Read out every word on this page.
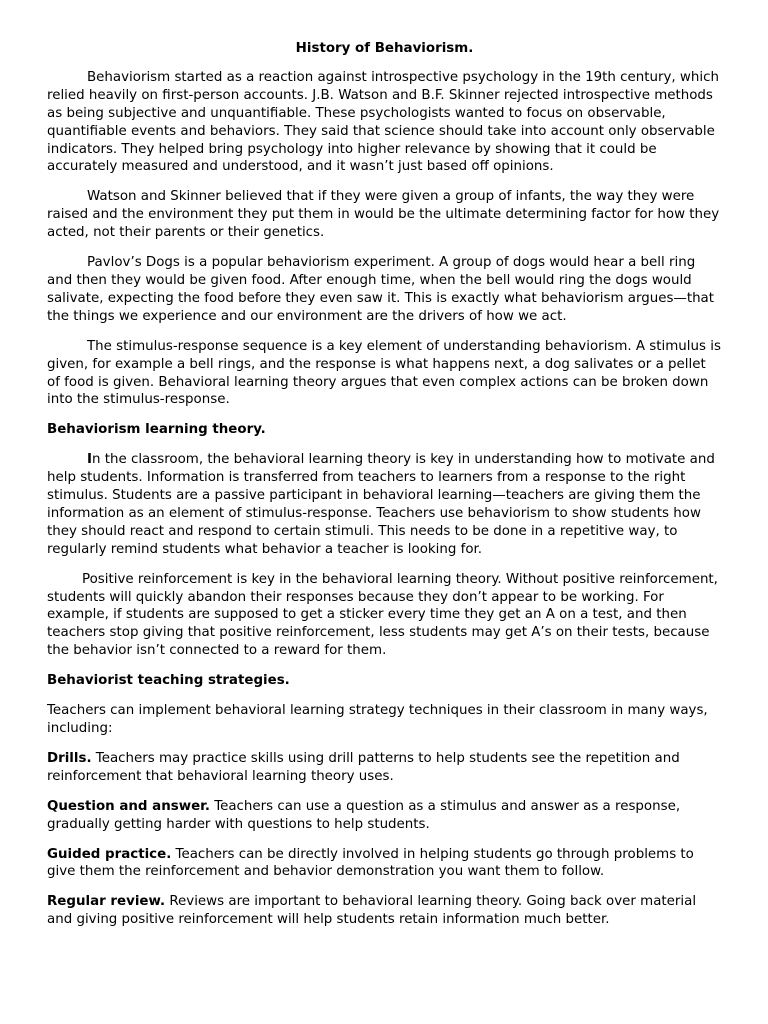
History of Behaviorism.

Behaviorism started as a reaction against introspective psychology in the 19th century, which relied heavily on first-person accounts. J.B. Watson and B.F. Skinner rejected introspective methods as being subjective and unquantifiable. These psychologists wanted to focus on observable, quantifiable events and behaviors. They said that science should take into account only observable indicators. They helped bring psychology into higher relevance by showing that it could be accurately measured and understood, and it wasn’t just based off opinions.

Watson and Skinner believed that if they were given a group of infants, the way they were raised and the environment they put them in would be the ultimate determining factor for how they acted, not their parents or their genetics.

Pavlov’s Dogs is a popular behaviorism experiment. A group of dogs would hear a bell ring and then they would be given food. After enough time, when the bell would ring the dogs would salivate, expecting the food before they even saw it. This is exactly what behaviorism argues—that the things we experience and our environment are the drivers of how we act.

The stimulus-response sequence is a key element of understanding behaviorism. A stimulus is given, for example a bell rings, and the response is what happens next, a dog salivates or a pellet of food is given. Behavioral learning theory argues that even complex actions can be broken down into the stimulus-response.

Behaviorism learning theory.

In the classroom, the behavioral learning theory is key in understanding how to motivate and help students. Information is transferred from teachers to learners from a response to the right stimulus. Students are a passive participant in behavioral learning—teachers are giving them the information as an element of stimulus-response. Teachers use behaviorism to show students how they should react and respond to certain stimuli. This needs to be done in a repetitive way, to regularly remind students what behavior a teacher is looking for.

Positive reinforcement is key in the behavioral learning theory. Without positive reinforcement, students will quickly abandon their responses because they don’t appear to be working. For example, if students are supposed to get a sticker every time they get an A on a test, and then teachers stop giving that positive reinforcement, less students may get A’s on their tests, because the behavior isn’t connected to a reward for them.

Behaviorist teaching strategies.

Teachers can implement behavioral learning strategy techniques in their classroom in many ways, including:

Drills. Teachers may practice skills using drill patterns to help students see the repetition and reinforcement that behavioral learning theory uses.

Question and answer. Teachers can use a question as a stimulus and answer as a response, gradually getting harder with questions to help students.

Guided practice. Teachers can be directly involved in helping students go through problems to give them the reinforcement and behavior demonstration you want them to follow.

Regular review. Reviews are important to behavioral learning theory. Going back over material and giving positive reinforcement will help students retain information much better.
